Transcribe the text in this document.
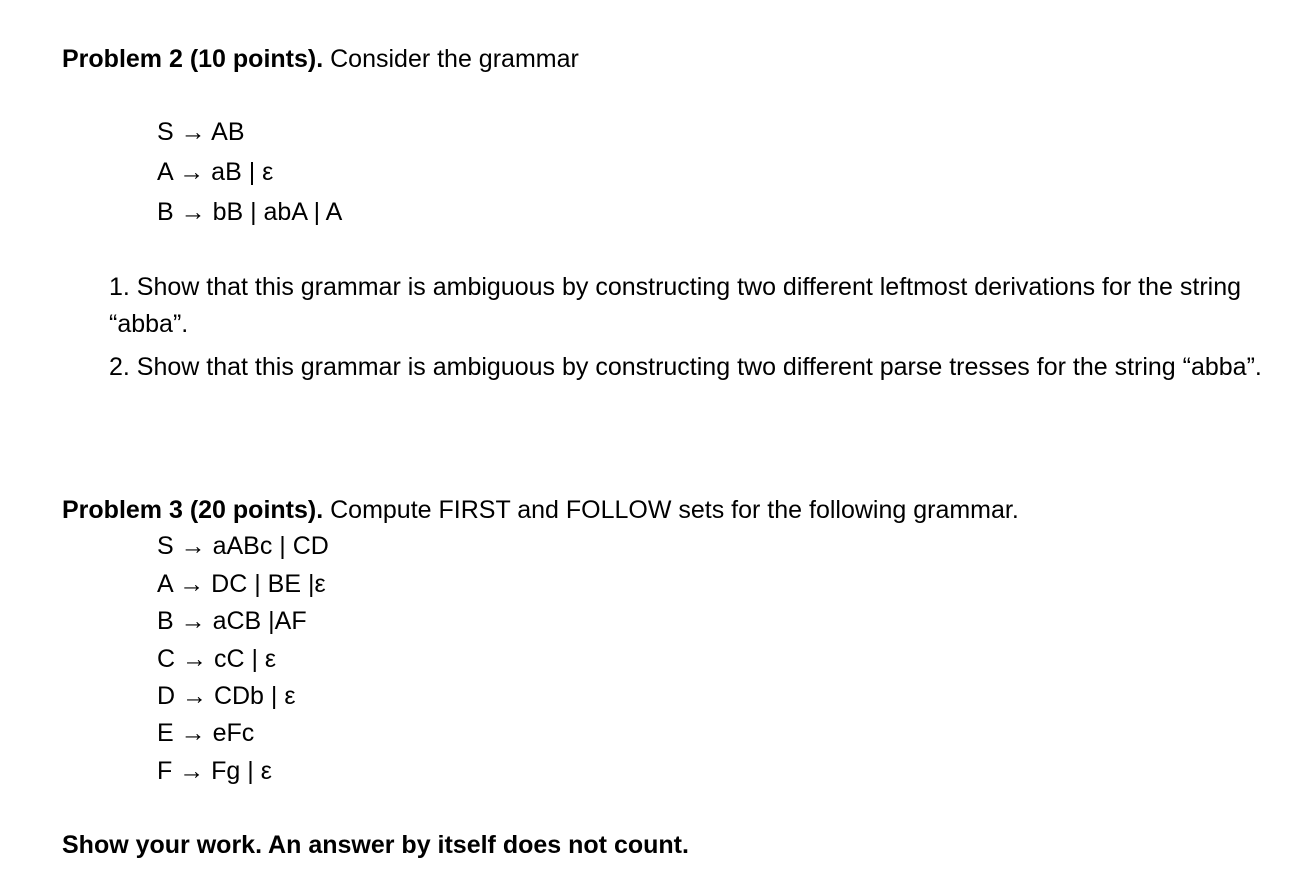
Problem 2 (10 points). Consider the grammar
S → AB
A → aB | ε
B → bB | abA | A
1. Show that this grammar is ambiguous by constructing two different leftmost derivations for the string “abba”.
2. Show that this grammar is ambiguous by constructing two different parse tresses for the string “abba”.
Problem 3 (20 points). Compute FIRST and FOLLOW sets for the following grammar.
S → aABc | CD
A → DC | BE |ε
B → aCB |AF
C → cC | ε
D → CDb | ε
E → eFc
F → Fg | ε
Show your work. An answer by itself does not count.
